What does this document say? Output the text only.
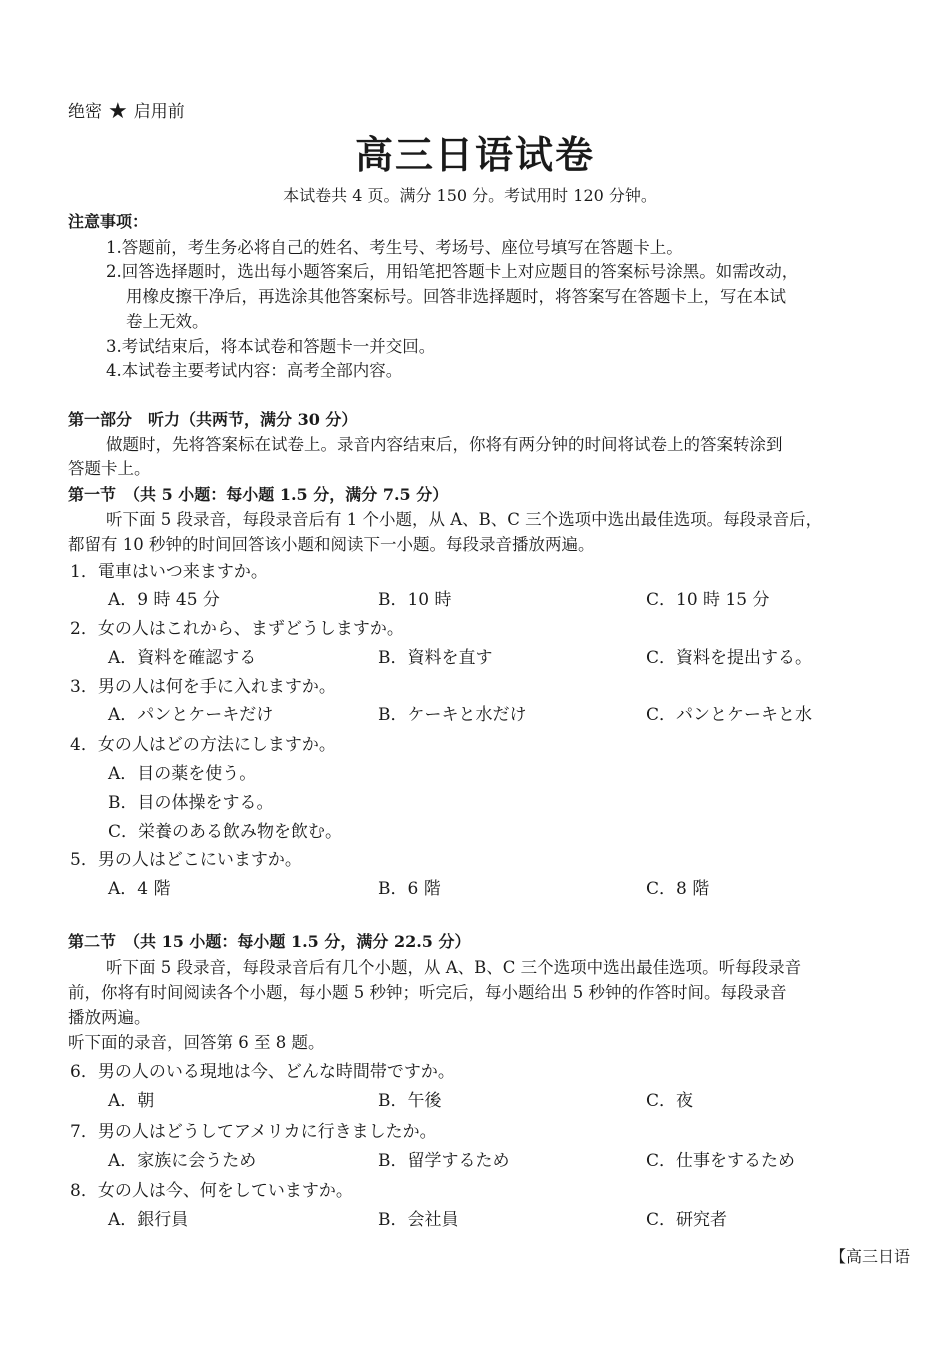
绝密 ★ 启用前
高三日语试卷
本试卷共 4 页。满分 150 分。考试用时 120 分钟。
注意事项：
1.答题前，考生务必将自己的姓名、考生号、考场号、座位号填写在答题卡上。
2.回答选择题时，选出每小题答案后，用铅笔把答题卡上对应题目的答案标号涂黑。如需改动，
用橡皮擦干净后，再选涂其他答案标号。回答非选择题时，将答案写在答题卡上，写在本试
卷上无效。
3.考试结束后，将本试卷和答题卡一并交回。
4.本试卷主要考试内容：高考全部内容。
第一部分　听力（共两节，满分 30 分）
做题时，先将答案标在试卷上。录音内容结束后，你将有两分钟的时间将试卷上的答案转涂到
答题卡上。
第一节　（共 5 小题：每小题 1.5 分，满分 7.5 分）
听下面 5 段录音，每段录音后有 1 个小题，从 A、B、C 三个选项中选出最佳选项。每段录音后，
都留有 10 秒钟的时间回答该小题和阅读下一小题。每段录音播放两遍。
1．電車はいつ来ますか。
A．9 時 45 分	B．10 時	C．10 時 15 分
2．女の人はこれから、まずどうしますか。
A．資料を確認する	B．資料を直す	C．資料を提出する。
3．男の人は何を手に入れますか。
A．パンとケーキだけ	B．ケーキと水だけ	C．パンとケーキと水
4．女の人はどの方法にしますか。
A．目の薬を使う。
B．目の体操をする。
C．栄養のある飲み物を飲む。
5．男の人はどこにいますか。
A．4 階	B．6 階	C．8 階
第二节　（共 15 小题：每小题 1.5 分，满分 22.5 分）
听下面 5 段录音，每段录音后有几个小题，从 A、B、C 三个选项中选出最佳选项。听每段录音
前，你将有时间阅读各个小题，每小题 5 秒钟；听完后，每小题给出 5 秒钟的作答时间。每段录音
播放两遍。
听下面的录音，回答第 6 至 8 题。
6．男の人のいる現地は今、どんな時間帯ですか。
A．朝	B．午後	C．夜
7．男の人はどうしてアメリカに行きましたか。
A．家族に会うため	B．留学するため	C．仕事をするため
8．女の人は今、何をしていますか。
A．銀行員	B．会社員	C．研究者
【高三日语
